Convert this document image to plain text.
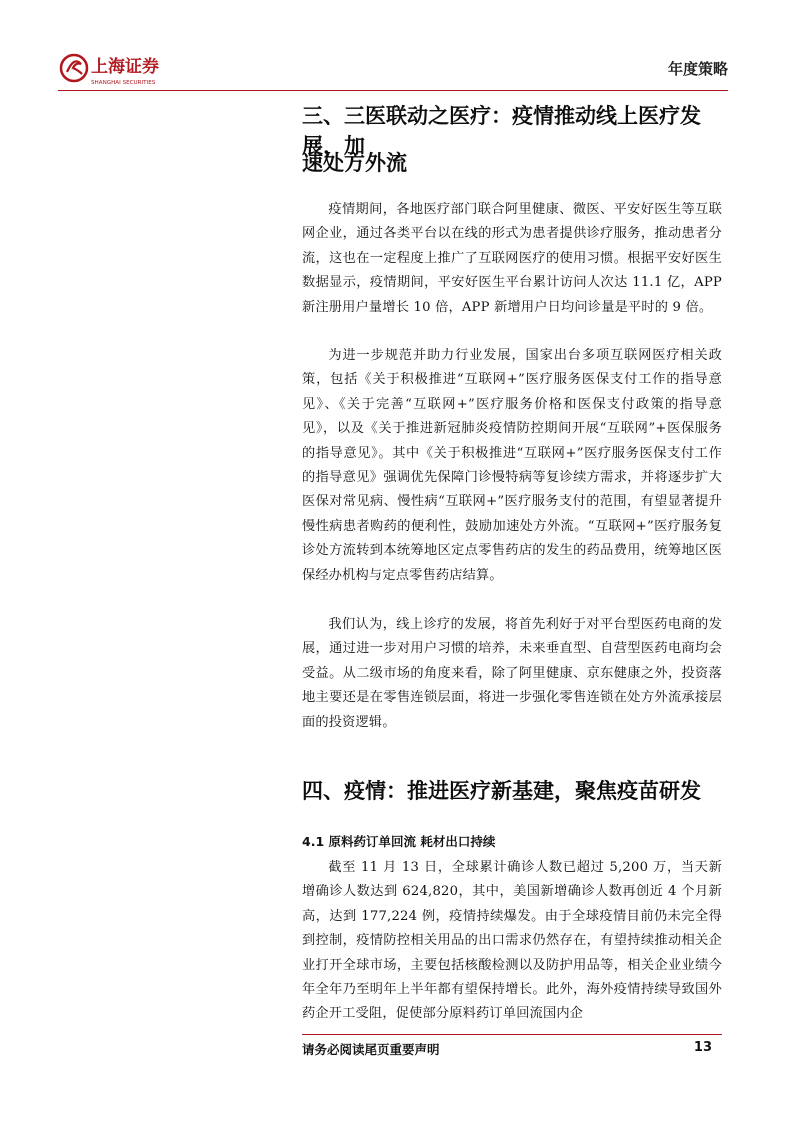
上海证券
SHANGHAI SECURITIES
年度策略
三、三医联动之医疗：疫情推动线上医疗发展，加
速处方外流

疫情期间，各地医疗部门联合阿里健康、微医、平安好医生等互联网企业，通过各类平台以在线的形式为患者提供诊疗服务，推动患者分流，这也在一定程度上推广了互联网医疗的使用习惯。根据平安好医生数据显示，疫情期间，平安好医生平台累计访问人次达 11.1 亿，APP 新注册用户量增长 10 倍，APP 新增用户日均问诊量是平时的 9 倍。

为进一步规范并助力行业发展，国家出台多项互联网医疗相关政策，包括《关于积极推进“互联网+”医疗服务医保支付工作的指导意见》、《关于完善“互联网+”医疗服务价格和医保支付政策的指导意见》，以及《关于推进新冠肺炎疫情防控期间开展“互联网”+医保服务的指导意见》。其中《关于积极推进“互联网+”医疗服务医保支付工作的指导意见》强调优先保障门诊慢特病等复诊续方需求，并将逐步扩大医保对常见病、慢性病“互联网+”医疗服务支付的范围，有望显著提升慢性病患者购药的便利性，鼓励加速处方外流。“互联网+”医疗服务复诊处方流转到本统筹地区定点零售药店的发生的药品费用，统筹地区医保经办机构与定点零售药店结算。

我们认为，线上诊疗的发展，将首先利好于对平台型医药电商的发展，通过进一步对用户习惯的培养，未来垂直型、自营型医药电商均会受益。从二级市场的角度来看，除了阿里健康、京东健康之外，投资落地主要还是在零售连锁层面，将进一步强化零售连锁在处方外流承接层面的投资逻辑。

四、疫情：推进医疗新基建，聚焦疫苗研发
4.1 原料药订单回流 耗材出口持续

截至 11 月 13 日，全球累计确诊人数已超过 5,200 万，当天新增确诊人数达到 624,820，其中，美国新增确诊人数再创近 4 个月新高，达到 177,224 例，疫情持续爆发。由于全球疫情目前仍未完全得到控制，疫情防控相关用品的出口需求仍然存在，有望持续推动相关企业打开全球市场，主要包括核酸检测以及防护用品等，相关企业业绩今年全年乃至明年上半年都有望保持增长。此外，海外疫情持续导致国外药企开工受阻，促使部分原料药订单回流国内企

请务必阅读尾页重要声明	13
